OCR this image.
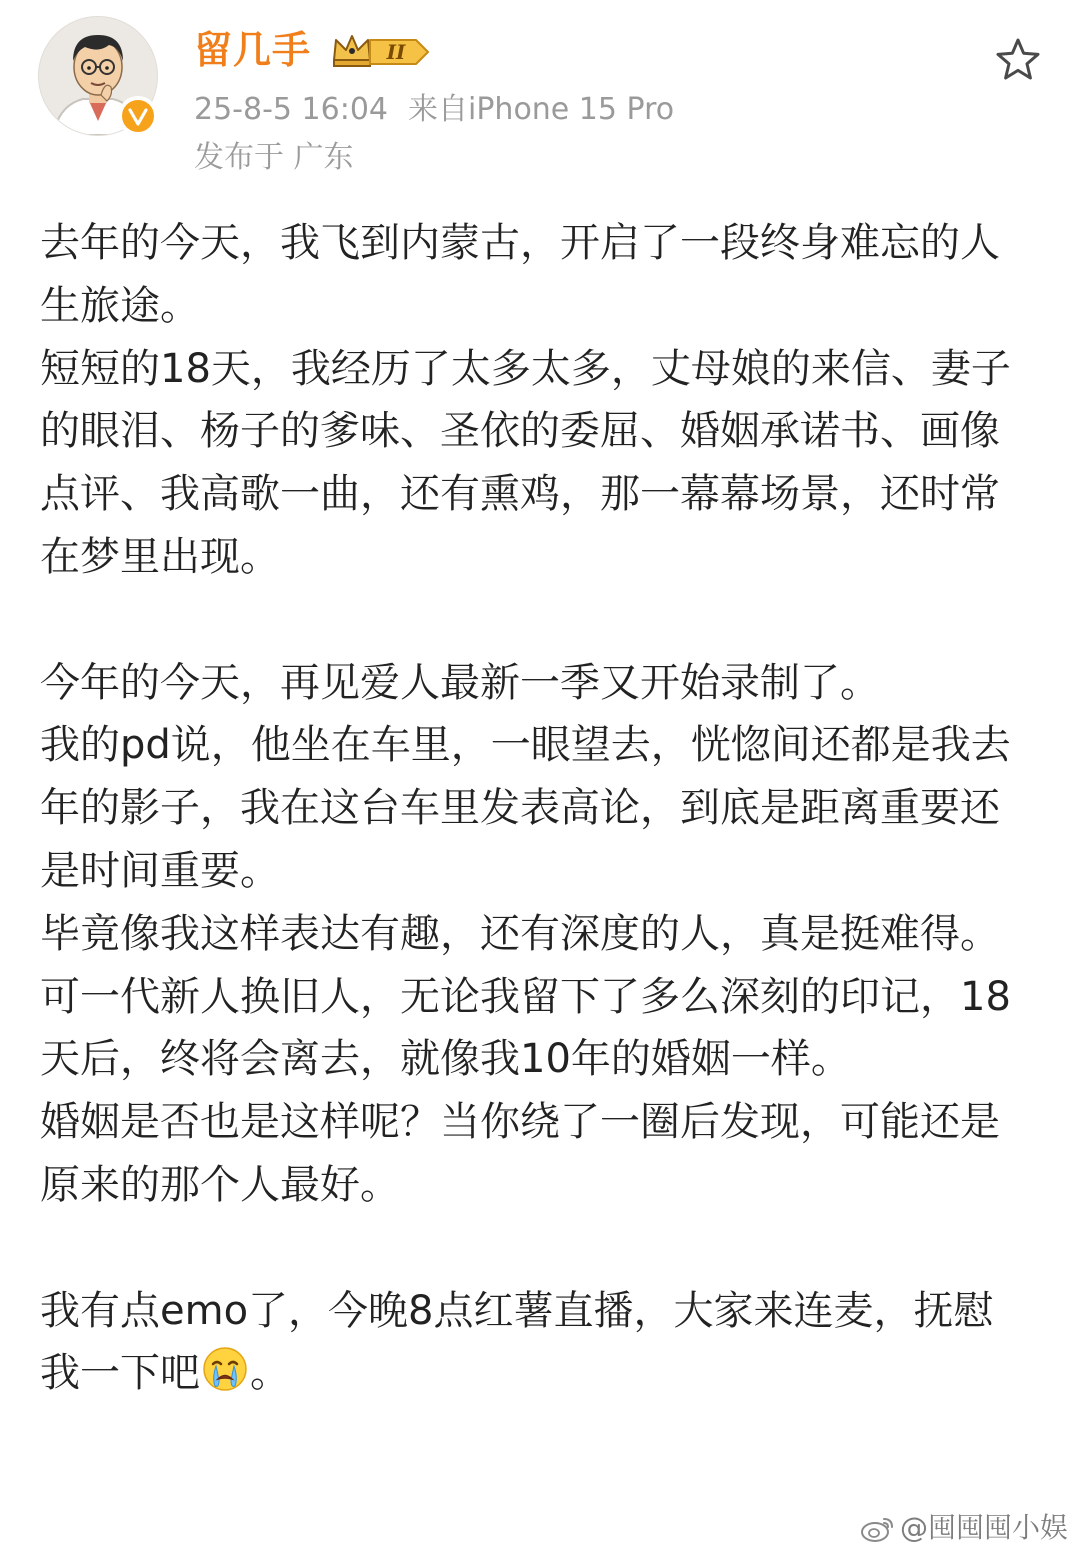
留几手	II
25-8-5 16:04 来自iPhone 15 Pro
发布于 广东

去年的今天，我飞到内蒙古，开启了一段终身难忘的人生旅途。

短短的18天，我经历了太多太多，丈母娘的来信、妻子的眼泪、杨子的爹味、圣依的委屈、婚姻承诺书、画像点评、我高歌一曲，还有熏鸡，那一幕幕场景，还时常在梦里出现。

今年的今天，再见爱人最新一季又开始录制了。

我的pd说，他坐在车里，一眼望去，恍惚间还都是我去年的影子，我在这台车里发表高论，到底是距离重要还是时间重要。

毕竟像我这样表达有趣，还有深度的人，真是挺难得。

可一代新人换旧人，无论我留下了多么深刻的印记，18天后，终将会离去，就像我10年的婚姻一样。

婚姻是否也是这样呢？当你绕了一圈后发现，可能还是原来的那个人最好。

我有点emo了，今晚8点红薯直播，大家来连麦，抚慰我一下吧 。

@囤囤囤小娱
